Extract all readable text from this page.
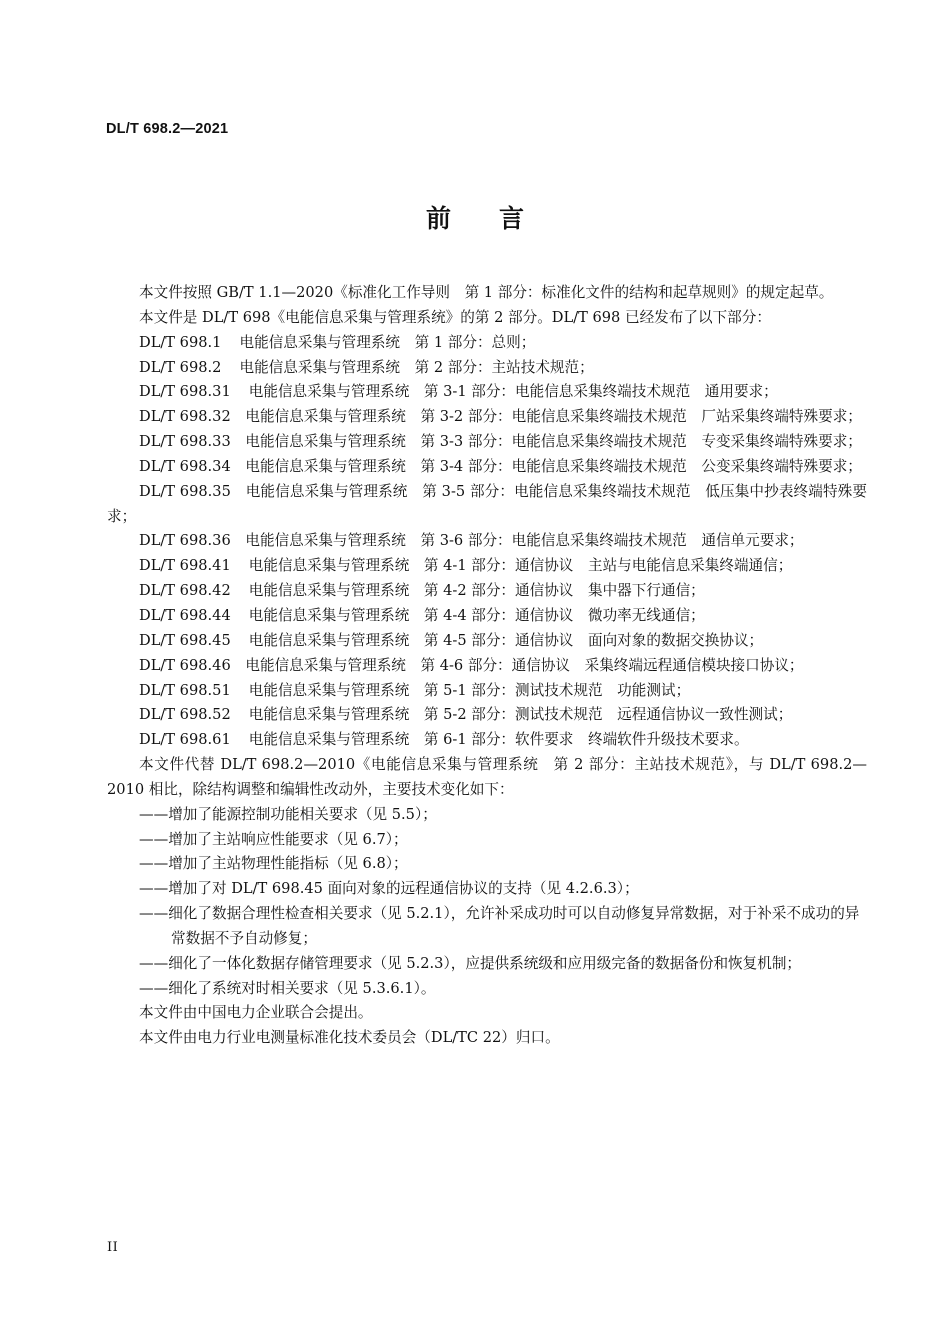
DL/T 698.2—2021
前言
本文件按照 GB/T 1.1—2020《标准化工作导则　第 1 部分：标准化文件的结构和起草规则》的规定起草。
本文件是 DL/T 698《电能信息采集与管理系统》的第 2 部分。DL/T 698 已经发布了以下部分：
DL/T 698.1 电能信息采集与管理系统　第 1 部分：总则；
DL/T 698.2 电能信息采集与管理系统　第 2 部分：主站技术规范；
DL/T 698.31 电能信息采集与管理系统　第 3-1 部分：电能信息采集终端技术规范　通用要求；
DL/T 698.32　 电能信息采集与管理系统　第 3-2 部分：电能信息采集终端技术规范　厂站采集终端特殊要求；
DL/T 698.33　 电能信息采集与管理系统　第 3-3 部分：电能信息采集终端技术规范　专变采集终端特殊要求；
DL/T 698.34　 电能信息采集与管理系统　第 3-4 部分：电能信息采集终端技术规范　公变采集终端特殊要求；
DL/T 698.35　 电能信息采集与管理系统　第 3-5 部分：电能信息采集终端技术规范　低压集中抄表终端特殊要求；
DL/T 698.36　 电能信息采集与管理系统　第 3-6 部分：电能信息采集终端技术规范　通信单元要求；
DL/T 698.41 电能信息采集与管理系统　第 4-1 部分：通信协议　主站与电能信息采集终端通信；
DL/T 698.42 电能信息采集与管理系统　第 4-2 部分：通信协议　集中器下行通信；
DL/T 698.44 电能信息采集与管理系统　第 4-4 部分：通信协议　微功率无线通信；
DL/T 698.45 电能信息采集与管理系统　第 4-5 部分：通信协议　面向对象的数据交换协议；
DL/T 698.46　 电能信息采集与管理系统　第 4-6 部分：通信协议　采集终端远程通信模块接口协议；
DL/T 698.51 电能信息采集与管理系统　第 5-1 部分：测试技术规范　功能测试；
DL/T 698.52 电能信息采集与管理系统　第 5-2 部分：测试技术规范　远程通信协议一致性测试；
DL/T 698.61 电能信息采集与管理系统　第 6-1 部分：软件要求　终端软件升级技术要求。
本文件代替 DL/T 698.2—2010《电能信息采集与管理系统　第 2 部分：主站技术规范》，与 DL/T 698.2—2010 相比，除结构调整和编辑性改动外，主要技术变化如下：
——增加了能源控制功能相关要求（见 5.5）；
——增加了主站响应性能要求（见 6.7）；
——增加了主站物理性能指标（见 6.8）；
——增加了对 DL/T 698.45 面向对象的远程通信协议的支持（见 4.2.6.3）；
——细化了数据合理性检查相关要求（见 5.2.1），允许补采成功时可以自动修复异常数据，对于补采不成功的异常数据不予自动修复；
——细化了一体化数据存储管理要求（见 5.2.3），应提供系统级和应用级完备的数据备份和恢复机制；
——细化了系统对时相关要求（见 5.3.6.1）。
本文件由中国电力企业联合会提出。
本文件由电力行业电测量标准化技术委员会（DL/TC 22）归口。
II
